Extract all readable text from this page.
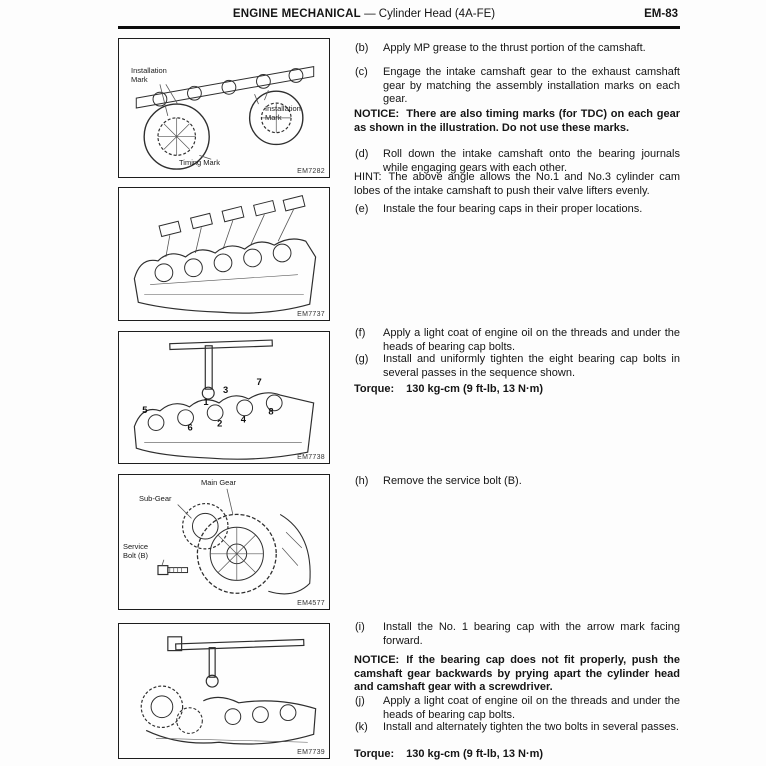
ENGINE MECHANICAL — Cylinder Head (4A-FE)	EM-83
Installation Mark
Installation Mark
Timing Mark
EM7282
EM7737
1
2
3
4
5
6
7
8
EM7738
Main Gear
Sub-Gear
Service Bolt (B)
EM4577
EM7739
(b) Apply MP grease to the thrust portion of the camshaft.
(c) Engage the intake camshaft gear to the exhaust camshaft gear by matching the assembly installation marks on each gear.
NOTICE: There are also timing marks (for TDC) on each gear as shown in the illustration. Do not use these marks.
(d) Roll down the intake camshaft onto the bearing journals while engaging gears with each other.
HINT: The above angle allows the No.1 and No.3 cylinder cam lobes of the intake camshaft to push their valve lifters evenly.
(e) Instale the four bearing caps in their proper locations.
(f) Apply a light coat of engine oil on the threads and under the heads of bearing cap bolts.
(g) Install and uniformly tighten the eight bearing cap bolts in several passes in the sequence shown.
Torque: 130 kg-cm (9 ft-lb, 13 N·m)
(h) Remove the service bolt (B).
(i) Install the No. 1 bearing cap with the arrow mark facing forward.
NOTICE: If the bearing cap does not fit properly, push the camshaft gear backwards by prying apart the cylinder head and camshaft gear with a screwdriver.
(j) Apply a light coat of engine oil on the threads and under the heads of bearing cap bolts.
(k) Install and alternately tighten the two bolts in several passes.
Torque: 130 kg-cm (9 ft-lb, 13 N·m)
